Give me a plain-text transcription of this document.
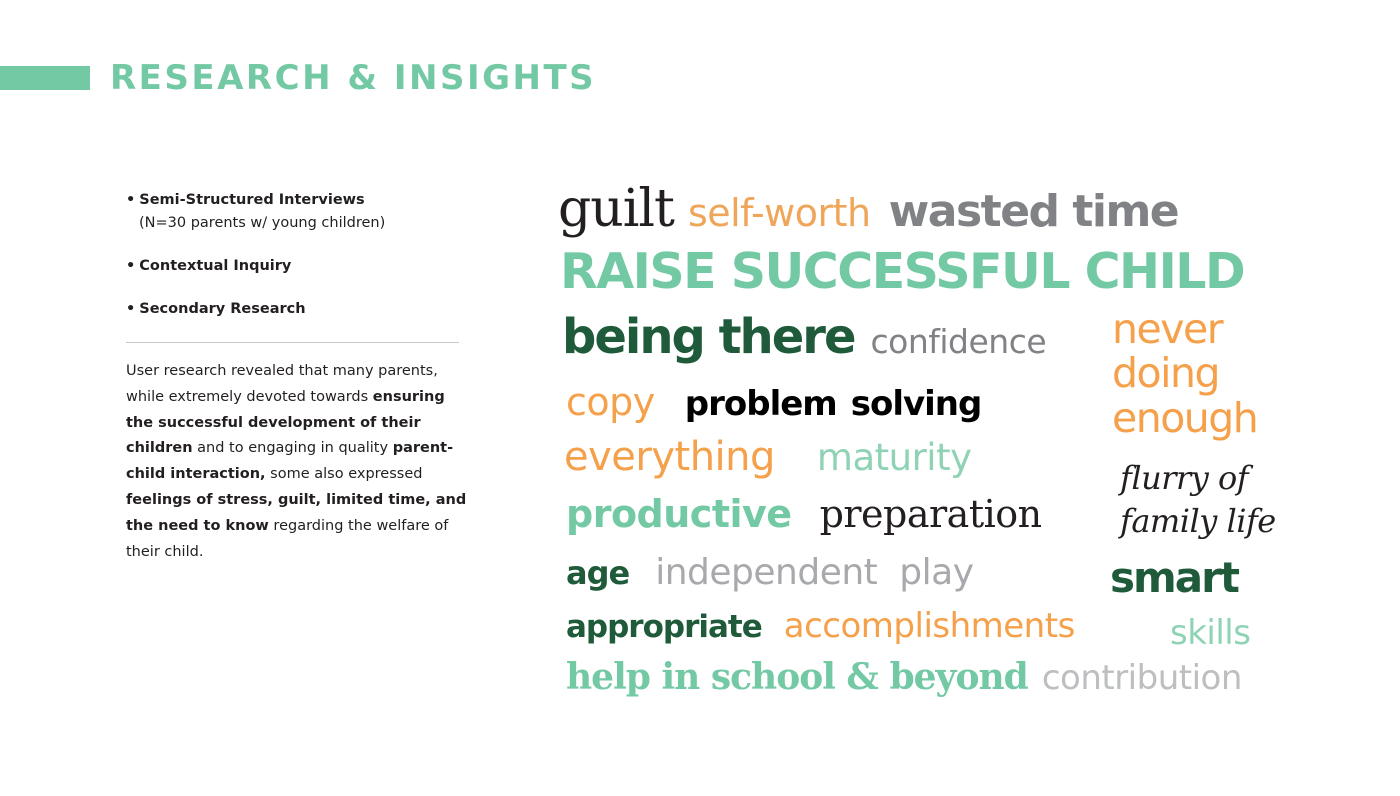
RESEARCH & INSIGHTS
• Semi-Structured Interviews
(N=30 parents w/ young children)
• Contextual Inquiry
• Secondary Research
User research revealed that many parents, while extremely devoted towards ensuring the successful development of their children and to engaging in quality parent-child interaction, some also expressed feelings of stress, guilt, limited time, and the need to know regarding the welfare of their child.
guilt self-worth wasted time
RAISE SUCCESSFUL CHILD
being there confidence never
doing
enough
copy problem solving
everything maturity	flurry of
family life
productive preparation
age independent play	smart
appropriate accomplishments	skills
help in school & beyond contribution
